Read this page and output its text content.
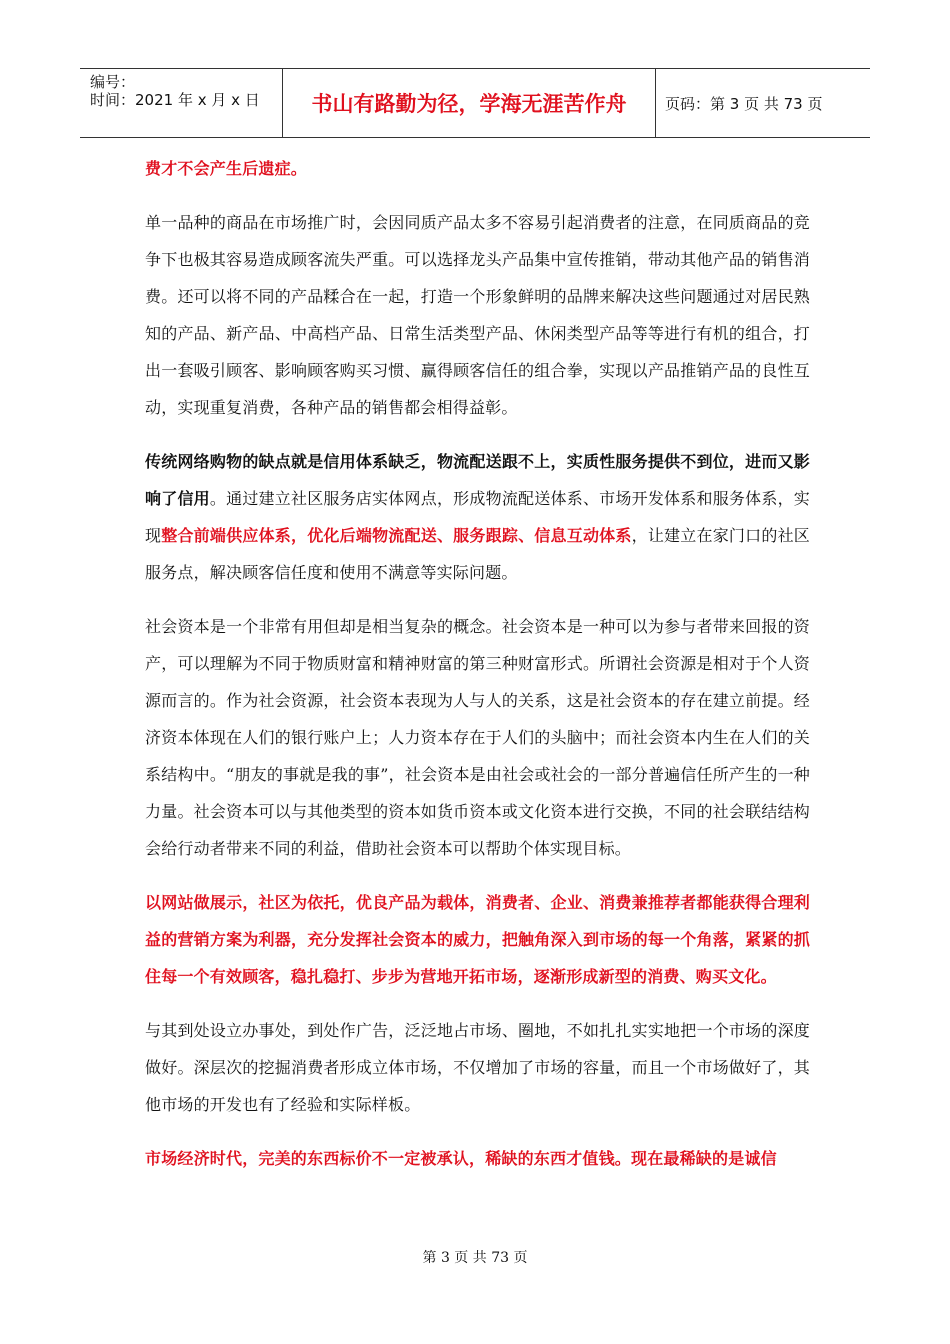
编号：
时间：2021 年 x 月 x 日	书山有路勤为径，学海无涯苦作舟	页码：第 3 页 共 73 页

费才不会产生后遗症。

单一品种的商品在市场推广时，会因同质产品太多不容易引起消费者的注意，在同质商品的竞争下也极其容易造成顾客流失严重。可以选择龙头产品集中宣传推销，带动其他产品的销售消费。还可以将不同的产品糅合在一起，打造一个形象鲜明的品牌来解决这些问题通过对居民熟知的产品、新产品、中高档产品、日常生活类型产品、休闲类型产品等等进行有机的组合，打出一套吸引顾客、影响顾客购买习惯、赢得顾客信任的组合拳，实现以产品推销产品的良性互动，实现重复消费，各种产品的销售都会相得益彰。

传统网络购物的缺点就是信用体系缺乏，物流配送跟不上，实质性服务提供不到位，进而又影响了信用。通过建立社区服务店实体网点，形成物流配送体系、市场开发体系和服务体系，实现整合前端供应体系，优化后端物流配送、服务跟踪、信息互动体系，让建立在家门口的社区服务点，解决顾客信任度和使用不满意等实际问题。

社会资本是一个非常有用但却是相当复杂的概念。社会资本是一种可以为参与者带来回报的资产，可以理解为不同于物质财富和精神财富的第三种财富形式。所谓社会资源是相对于个人资源而言的。作为社会资源，社会资本表现为人与人的关系，这是社会资本的存在建立前提。经济资本体现在人们的银行账户上；人力资本存在于人们的头脑中；而社会资本内生在人们的关系结构中。“朋友的事就是我的事”，社会资本是由社会或社会的一部分普遍信任所产生的一种力量。社会资本可以与其他类型的资本如货币资本或文化资本进行交换，不同的社会联结结构会给行动者带来不同的利益，借助社会资本可以帮助个体实现目标。

以网站做展示，社区为依托，优良产品为载体，消费者、企业、消费兼推荐者都能获得合理利益的营销方案为利器，充分发挥社会资本的威力，把触角深入到市场的每一个角落，紧紧的抓住每一个有效顾客，稳扎稳打、步步为营地开拓市场，逐渐形成新型的消费、购买文化。

与其到处设立办事处，到处作广告，泛泛地占市场、圈地，不如扎扎实实地把一个市场的深度做好。深层次的挖掘消费者形成立体市场，不仅增加了市场的容量，而且一个市场做好了，其他市场的开发也有了经验和实际样板。

市场经济时代，完美的东西标价不一定被承认，稀缺的东西才值钱。现在最稀缺的是诚信

第 3 页 共 73 页
